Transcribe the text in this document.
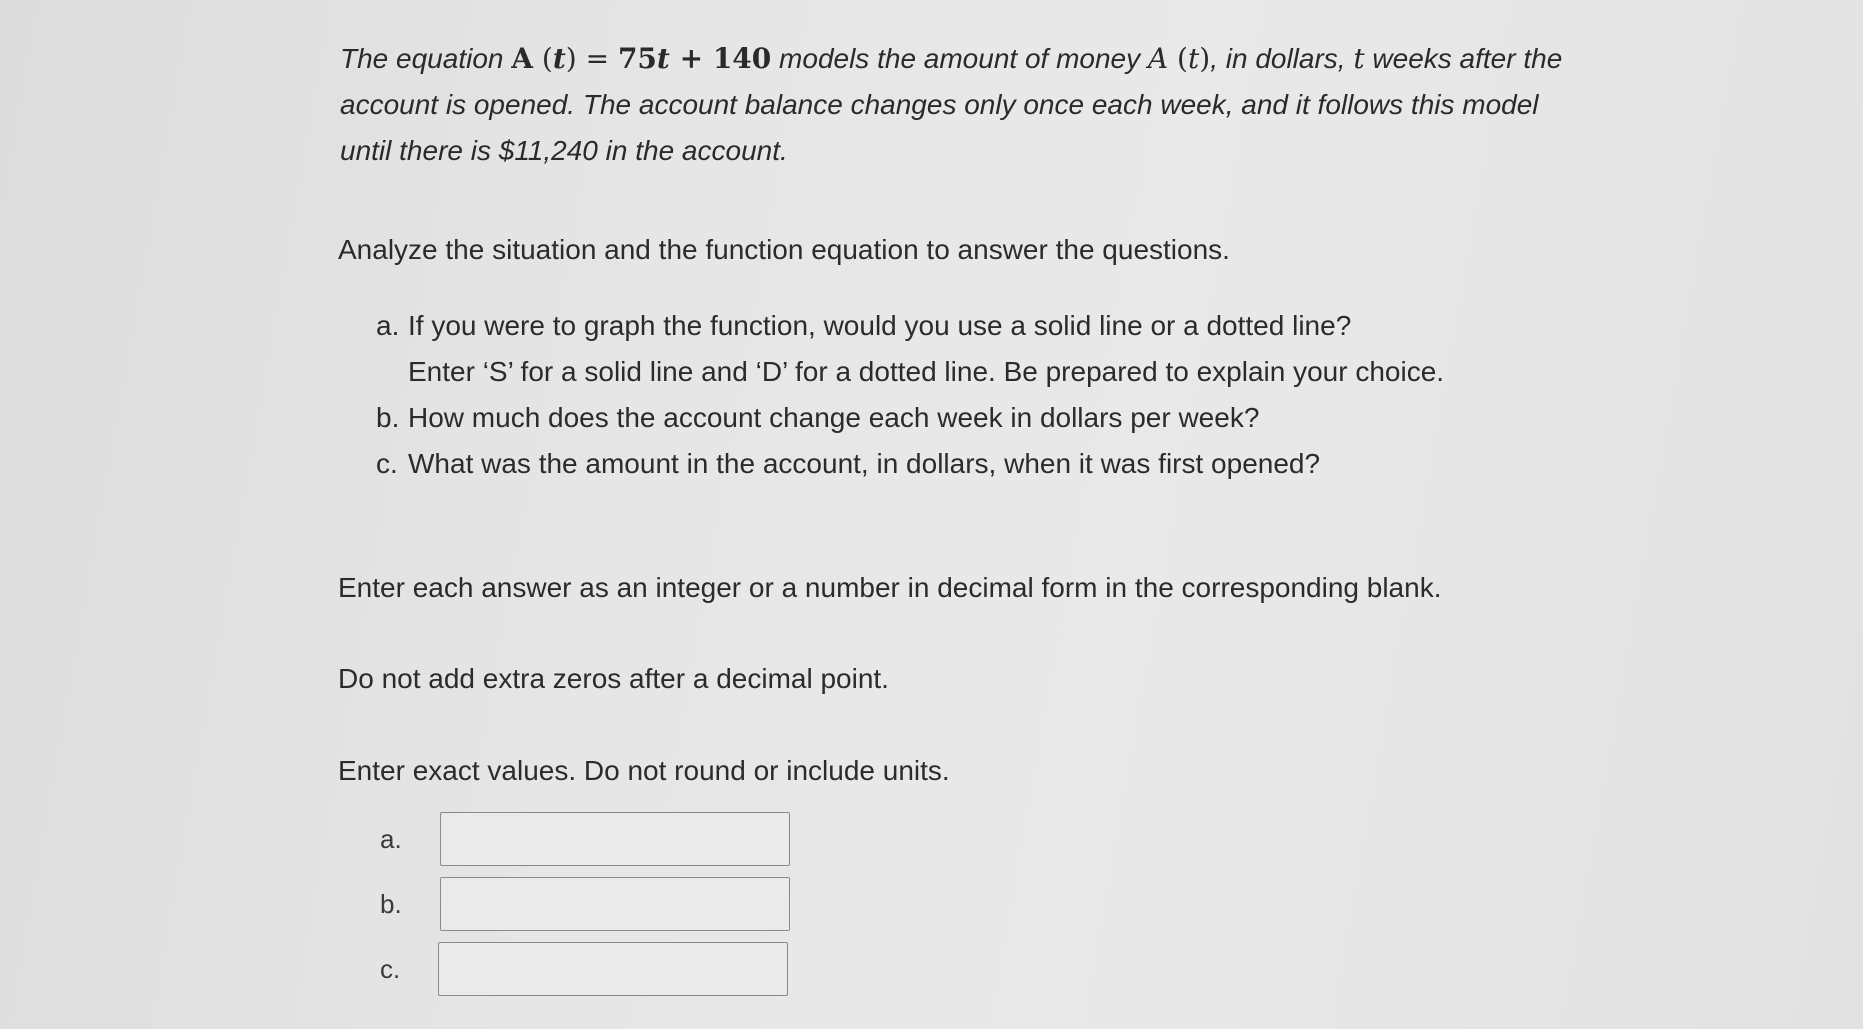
The equation A (t) = 75t + 140 models the amount of money A (t), in dollars, t weeks after the account is opened. The account balance changes only once each week, and it follows this model until there is $11,240 in the account.
Analyze the situation and the function equation to answer the questions.
a. If you were to graph the function, would you use a solid line or a dotted line?
Enter ‘S’ for a solid line and ‘D’ for a dotted line. Be prepared to explain your choice.
b. How much does the account change each week in dollars per week?
c. What was the amount in the account, in dollars, when it was first opened?
Enter each answer as an integer or a number in decimal form in the corresponding blank.
Do not add extra zeros after a decimal point.
Enter exact values. Do not round or include units.
a.
b.
c.
